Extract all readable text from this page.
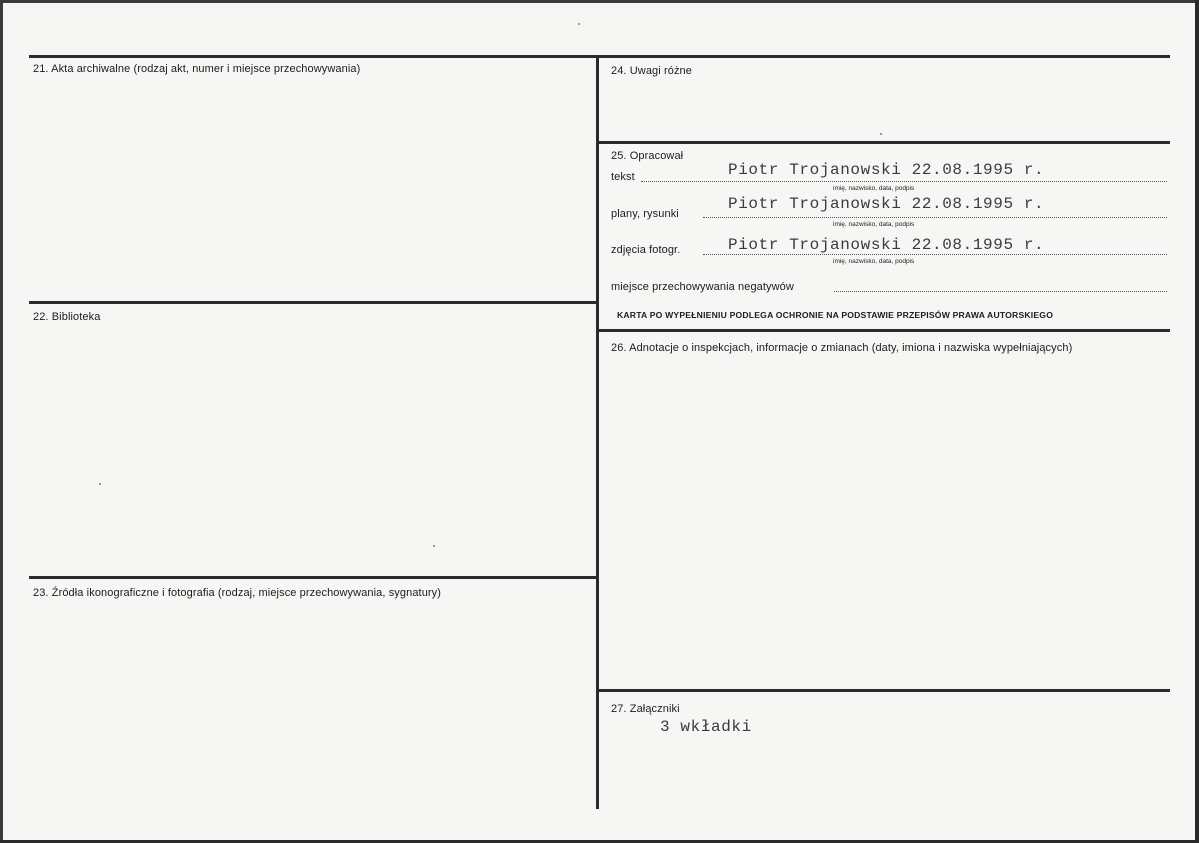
21. Akta archiwalne (rodzaj akt, numer i miejsce przechowywania)
22. Biblioteka
23. Źródła ikonograficzne i fotografia (rodzaj, miejsce przechowywania, sygnatury)
24. Uwagi różne
25. Opracował
tekst	Piotr Trojanowski 22.08.1995 r.
imię, nazwisko, data, podpis
plany, rysunki
Piotr Trojanowski 22.08.1995 r.
imię, nazwisko, data, podpis
zdjęcia fotogr.	Piotr Trojanowski 22.08.1995 r.
imię, nazwisko, data, podpis
miejsce przechowywania negatywów
KARTA PO WYPEŁNIENIU PODLEGA OCHRONIE NA PODSTAWIE PRZEPISÓW PRAWA AUTORSKIEGO
26. Adnotacje o inspekcjach, informacje o zmianach (daty, imiona i nazwiska wypełniających)
27. Załączniki
3 wkładki
